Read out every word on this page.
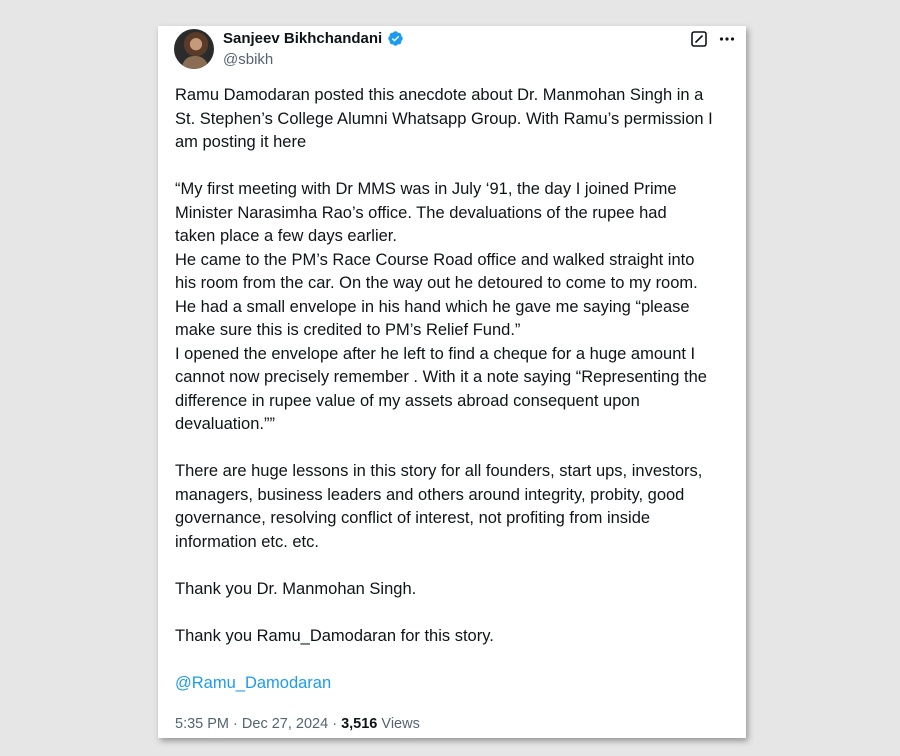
Sanjeev Bikhchandani
@sbikh

Ramu Damodaran posted this anecdote about Dr. Manmohan Singh in a
St. Stephen’s College Alumni Whatsapp Group. With Ramu’s permission I
am posting it here

“My first meeting with Dr MMS was in July ‘91, the day I joined Prime
Minister Narasimha Rao’s office. The devaluations of the rupee had
taken place a few days earlier.
He came to the PM’s Race Course Road office and walked straight into
his room from the car. On the way out he detoured to come to my room.
He had a small envelope in his hand which he gave me saying “please
make sure this is credited to PM’s Relief Fund.”
I opened the envelope after he left to find a cheque for a huge amount I
cannot now precisely remember . With it a note saying “Representing the
difference in rupee value of my assets abroad consequent upon
devaluation.””

There are huge lessons in this story for all founders, start ups, investors,
managers, business leaders and others around integrity, probity, good
governance, resolving conflict of interest, not profiting from inside
information etc. etc.

Thank you Dr. Manmohan Singh.

Thank you Ramu_Damodaran for this story.

@Ramu_Damodaran

5:35 PM · Dec 27, 2024 · 3,516 Views
